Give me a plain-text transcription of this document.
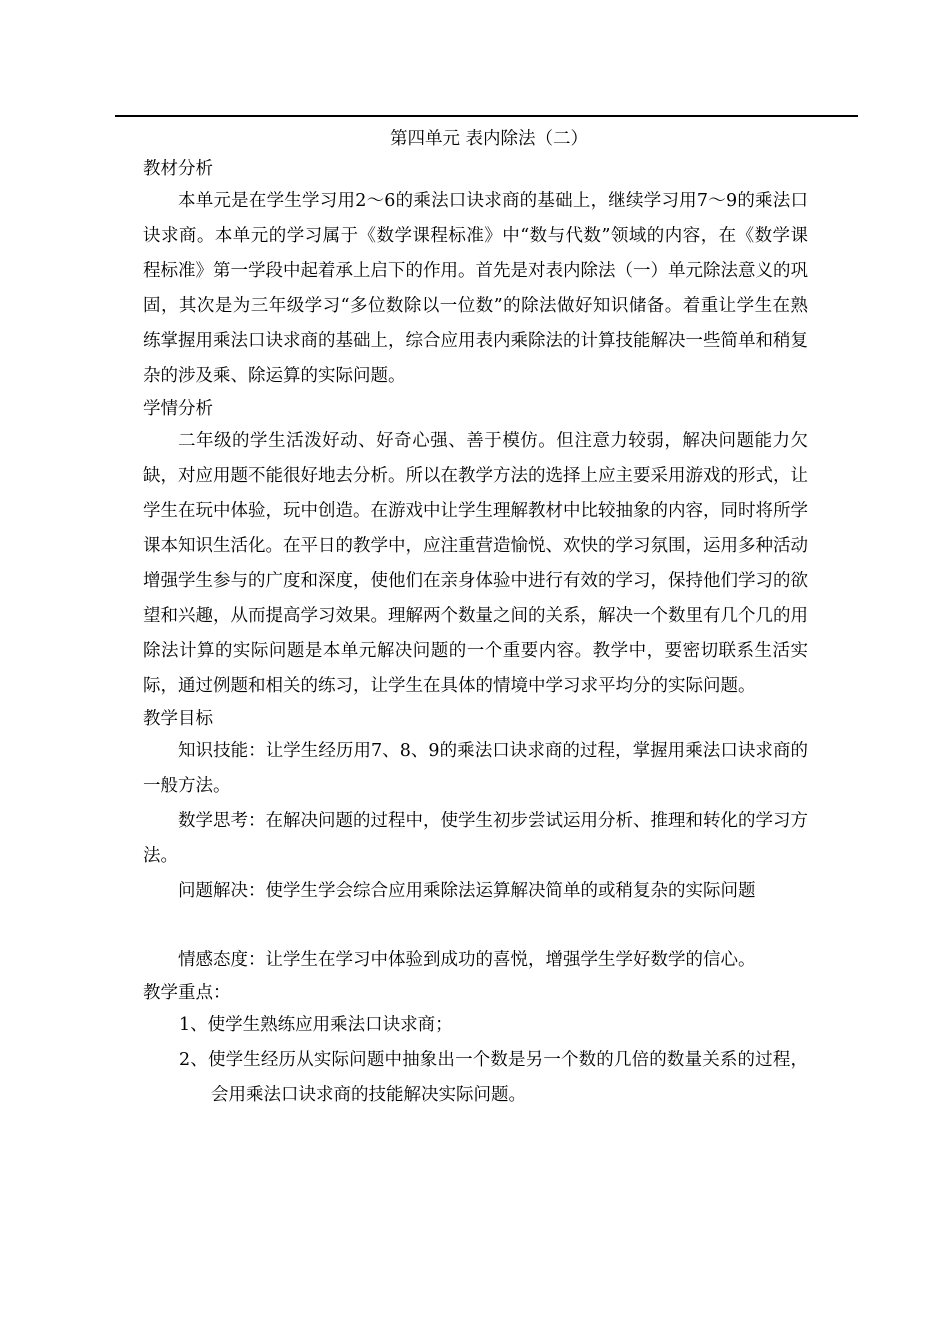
第四单元 表内除法（二）
教材分析

本单元是在学生学习用2～6的乘法口诀求商的基础上，继续学习用7～9的乘法口诀求商。本单元的学习属于《数学课程标准》中“数与代数”领域的内容，在《数学课程标准》第一学段中起着承上启下的作用。首先是对表内除法（一）单元除法意义的巩固，其次是为三年级学习“多位数除以一位数”的除法做好知识储备。着重让学生在熟练掌握用乘法口诀求商的基础上，综合应用表内乘除法的计算技能解决一些简单和稍复杂的涉及乘、除运算的实际问题。

学情分析

二年级的学生活泼好动、好奇心强、善于模仿。但注意力较弱，解决问题能力欠缺，对应用题不能很好地去分析。所以在教学方法的选择上应主要采用游戏的形式，让学生在玩中体验，玩中创造。在游戏中让学生理解教材中比较抽象的内容，同时将所学课本知识生活化。在平日的教学中，应注重营造愉悦、欢快的学习氛围，运用多种活动增强学生参与的广度和深度，使他们在亲身体验中进行有效的学习，保持他们学习的欲望和兴趣，从而提高学习效果。理解两个数量之间的关系，解决一个数里有几个几的用除法计算的实际问题是本单元解决问题的一个重要内容。教学中，要密切联系生活实际，通过例题和相关的练习，让学生在具体的情境中学习求平均分的实际问题。

教学目标

知识技能：让学生经历用7、8、9的乘法口诀求商的过程，掌握用乘法口诀求商的一般方法。

数学思考：在解决问题的过程中，使学生初步尝试运用分析、推理和转化的学习方法。

问题解决：使学生学会综合应用乘除法运算解决简单的或稍复杂的实际问题

情感态度：让学生在学习中体验到成功的喜悦，增强学生学好数学的信心。

教学重点：

1、使学生熟练应用乘法口诀求商；

2、使学生经历从实际问题中抽象出一个数是另一个数的几倍的数量关系的过程，会用乘法口诀求商的技能解决实际问题。
